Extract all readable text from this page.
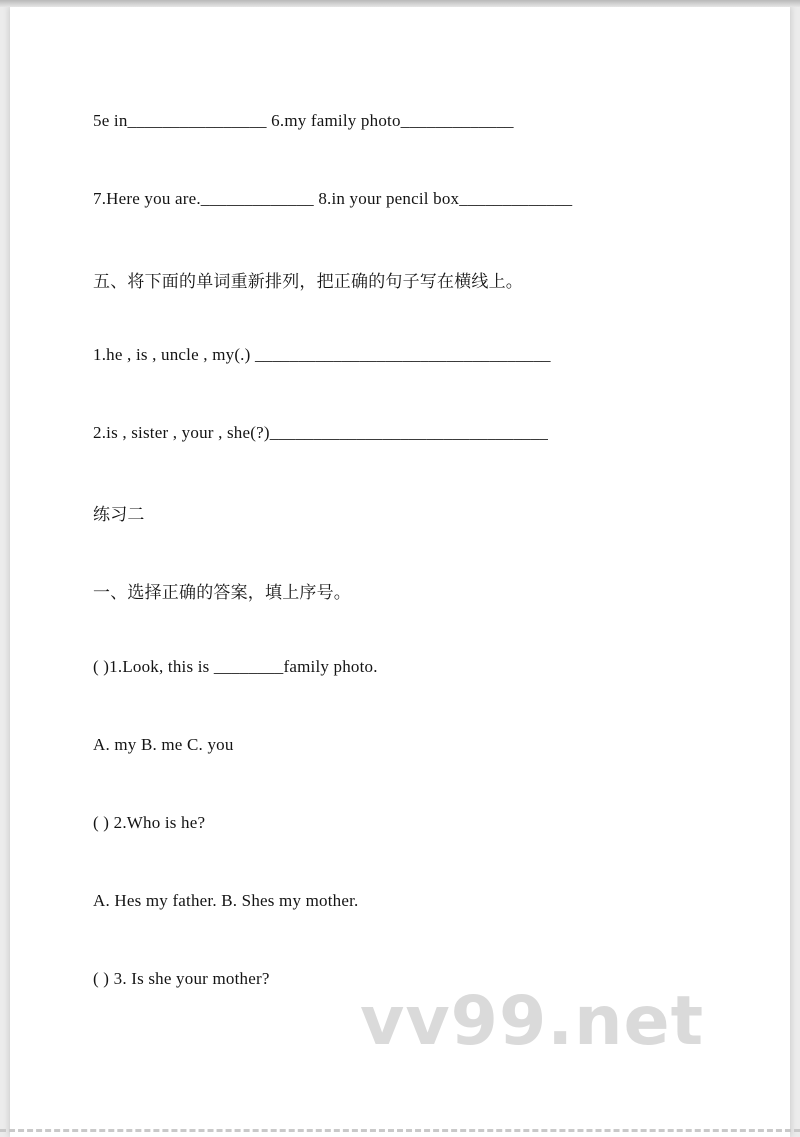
5e in________________ 6.my family photo_____________
7.Here you are._____________ 8.in your pencil box_____________
五、将下面的单词重新排列，把正确的句子写在横线上。
1.he , is , uncle , my(.) __________________________________
2.is , sister , your , she(?)________________________________
练习二
一、选择正确的答案，填上序号。
( )1.Look, this is ________family photo.
A. my B. me C. you
( ) 2.Who is he?
A. Hes my father. B. Shes my mother.
( ) 3. Is she your mother?
vv99.net
